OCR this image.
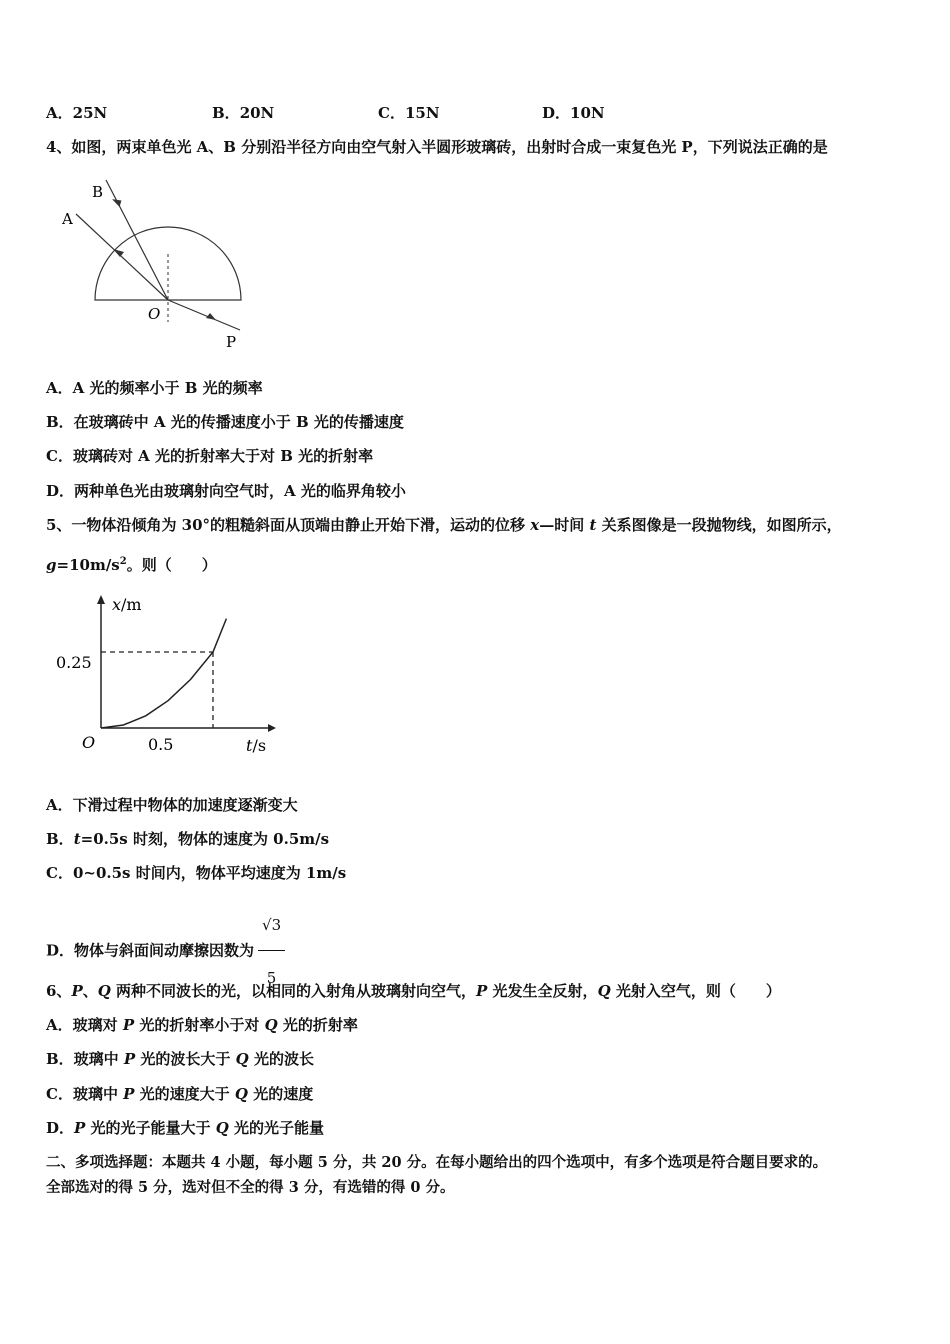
A．25N	B．20N	C．15N	D．10N
4、如图，两束单色光 A、B 分别沿半径方向由空气射入半圆形玻璃砖，出射时合成一束复色光 P，下列说法正确的是
A
B
O
P
A．A 光的频率小于 B 光的频率
B．在玻璃砖中 A 光的传播速度小于 B 光的传播速度
C．玻璃砖对 A 光的折射率大于对 B 光的折射率
D．两种单色光由玻璃射向空气时，A 光的临界角较小
5、一物体沿倾角为 30°的粗糙斜面从顶端由静止开始下滑，运动的位移 x—时间 t 关系图像是一段抛物线，如图所示，
$g=10m/s^2$。则（　　）
x/m
t/s
O
0.25
0.5
A．下滑过程中物体的加速度逐渐变大
B．t=0.5s 时刻，物体的速度为 0.5m/s
C．0~0.5s 时间内，物体平均速度为 1m/s
D．物体与斜面间动摩擦因数为 $\frac{√3}{5}$
6、P、Q 两种不同波长的光，以相同的入射角从玻璃射向空气，P 光发生全反射，Q 光射入空气，则（　　）
A．玻璃对 P 光的折射率小于对 Q 光的折射率
B．玻璃中 P 光的波长大于 Q 光的波长
C．玻璃中 P 光的速度大于 Q 光的速度
D．P 光的光子能量大于 Q 光的光子能量
二、多项选择题：本题共 4 小题，每小题 5 分，共 20 分。在每小题给出的四个选项中，有多个选项是符合题目要求的。
全部选对的得 5 分，选对但不全的得 3 分，有选错的得 0 分。
